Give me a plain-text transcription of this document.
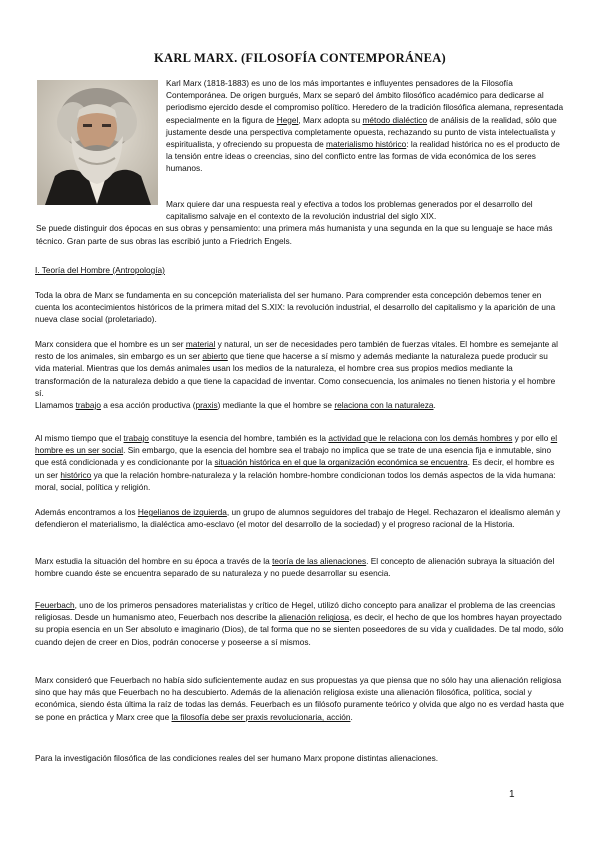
KARL MARX. (FILOSOFÍA CONTEMPORÁNEA)

Karl Marx (1818-1883) es uno de los más importantes e influyentes pensadores de la Filosofía Contemporánea. De origen burgués, Marx se separó del ámbito filosófico académico para dedicarse al periodismo ejercido desde el compromiso político. Heredero de la tradición filosófica alemana, representada especialmente en la figura de Hegel, Marx adopta su método dialéctico de análisis de la realidad, sólo que justamente desde una perspectiva completamente opuesta, rechazando su punto de vista intelectualista y espiritualista, y ofreciendo su propuesta de materialismo histórico: la realidad histórica no es el producto de la tensión entre ideas o creencias, sino del conflicto entre las formas de vida económica de los seres humanos.

Marx quiere dar una respuesta real y efectiva a todos los problemas generados por el desarrollo del capitalismo salvaje en el contexto de la revolución industrial del siglo XIX.
Se puede distinguir dos épocas en sus obras y pensamiento: una primera más humanista y una segunda en la que su lenguaje se hace más técnico. Gran parte de sus obras las escribió junto a Friedrich Engels.

I. Teoría del Hombre (Antropología)

Toda la obra de Marx se fundamenta en su concepción materialista del ser humano. Para comprender esta concepción debemos tener en cuenta los acontecimientos históricos de la primera mitad del S.XIX: la revolución industrial, el desarrollo del capitalismo y la aparición de una nueva clase social (proletariado).

Marx considera que el hombre es un ser material y natural, un ser de necesidades pero también de fuerzas vitales. El hombre es semejante al resto de los animales, sin embargo es un ser abierto que tiene que hacerse a sí mismo y además mediante la naturaleza puede producir su vida material. Mientras que los demás animales usan los medios de la naturaleza, el hombre crea sus propios medios mediante la transformación de la naturaleza debido a que tiene la capacidad de inventar. Como consecuencia, los animales no tienen historia y el hombre sí.
Llamamos trabajo a esa acción productiva (praxis) mediante la que el hombre se relaciona con la naturaleza.

Al mismo tiempo que el trabajo constituye la esencia del hombre, también es la actividad que le relaciona con los demás hombres y por ello el hombre es un ser social. Sin embargo, que la esencia del hombre sea el trabajo no implica que se trate de una esencia fija e inmutable, sino que está condicionada y es condicionante por la situación histórica en el que la organización económica se encuentra. Es decir, el hombre es un ser histórico ya que la relación hombre-naturaleza y la relación hombre-hombre condicionan todos los demás aspectos de la vida humana: moral, social, política y religión.

Además encontramos a los Hegelianos de izquierda, un grupo de alumnos seguidores del trabajo de Hegel. Rechazaron el idealismo alemán y defendieron el materialismo, la dialéctica amo-esclavo (el motor del desarrollo de la sociedad) y el progreso racional de la Historia.

Marx estudia la situación del hombre en su época a través de la teoría de las alienaciones. El concepto de alienación subraya la situación del hombre cuando éste se encuentra separado de su naturaleza y no puede desarrollar su esencia.

Feuerbach, uno de los primeros pensadores materialistas y crítico de Hegel, utilizó dicho concepto para analizar el problema de las creencias religiosas. Desde un humanismo ateo, Feuerbach nos describe la alienación religiosa, es decir, el hecho de que los hombres hayan proyectado su propia esencia en un Ser absoluto e imaginario (Dios), de tal forma que no se sienten poseedores de su vida y cualidades. De tal modo, sólo cuando dejen de creer en Dios, podrán conocerse y poseerse a sí mismos.

Marx consideró que Feuerbach no había sido suficientemente audaz en sus propuestas ya que piensa que no sólo hay una alienación religiosa sino que hay más que Feuerbach no ha descubierto. Además de la alienación religiosa existe una alienación filosófica, política, social y económica, siendo ésta última la raíz de todas las demás. Feuerbach es un filósofo puramente teórico y olvida que algo no es verdad hasta que se pone en práctica y Marx cree que la filosofía debe ser praxis revolucionaria, acción.

Para la investigación filosófica de las condiciones reales del ser humano Marx propone distintas alienaciones.

1
